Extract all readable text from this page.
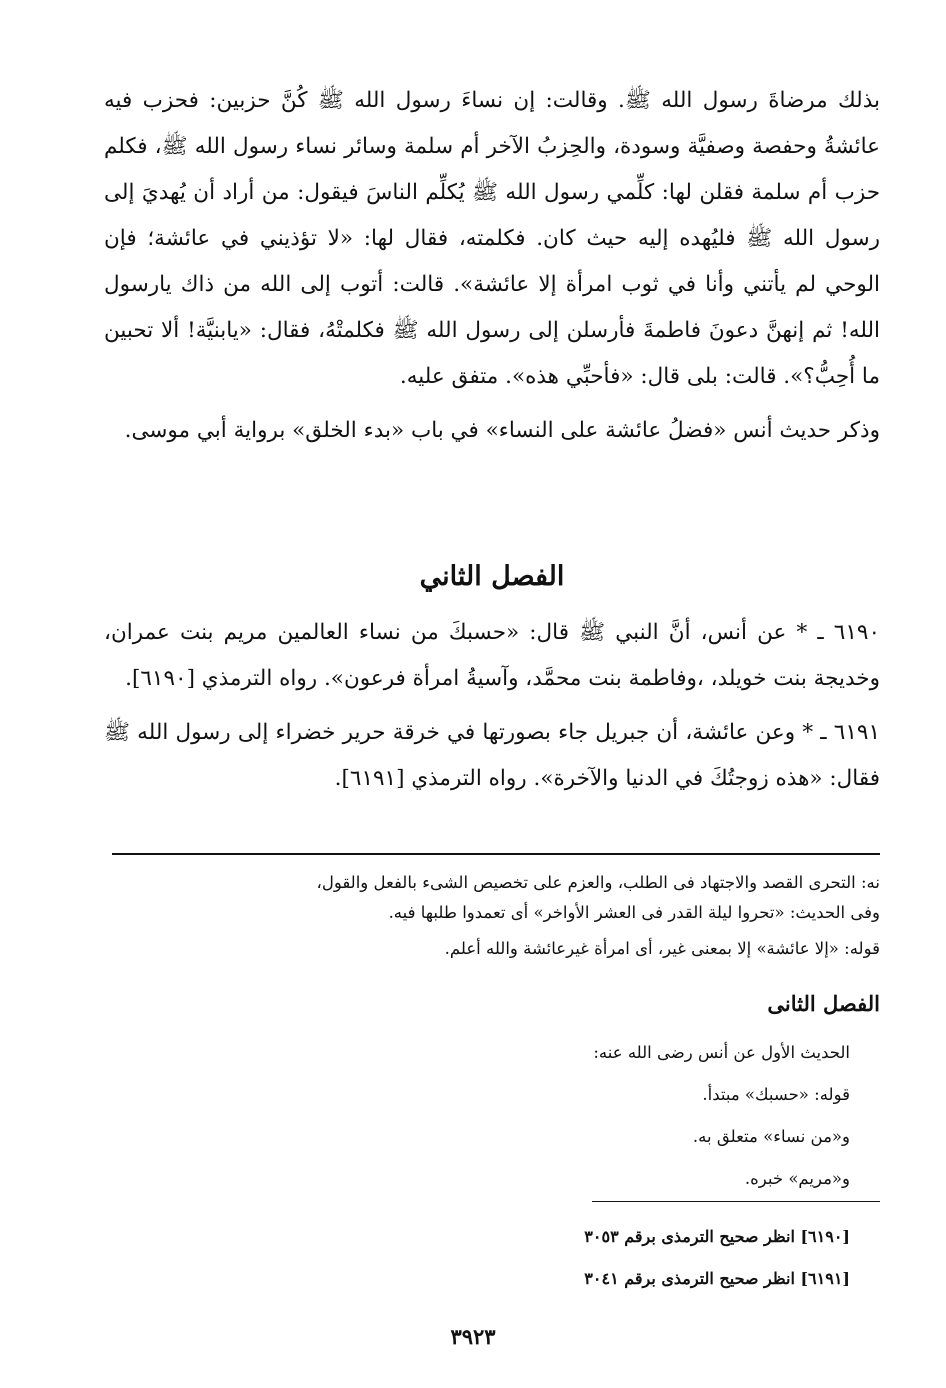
بذلك مرضاةَ رسول الله ﷺ. وقالت: إن نساءَ رسول الله ﷺ كُنَّ حزبين: فحزب فيه عائشةُ وحفصة وصفيَّة وسودة، والحِزبُ الآخر أم سلمة وسائر نساء رسول الله ﷺ، فكلم حزب أم سلمة فقلن لها: كلِّمي رسول الله ﷺ يُكلِّم الناسَ فيقول: من أراد أن يُهديَ إلى رسول الله ﷺ فليُهده إليه حيث كان. فكلمته، فقال لها: «لا تؤذيني في عائشة؛ فإن الوحي لم يأتني وأنا في ثوب امرأة إلا عائشة». قالت: أتوب إلى الله من ذاك يارسول الله! ثم إنهنَّ دعونَ فاطمةَ فأرسلن إلى رسول الله ﷺ فكلمتْهُ، فقال: «يابنيَّة! ألا تحبين ما أُحِبُّ؟». قالت: بلى قال: «فأحبِّي هذه». متفق عليه.

وذكر حديث أنس «فضلُ عائشة على النساء» في باب «بدء الخلق» برواية أبي موسى.

الفصل الثاني

٦١٩٠ ـ * عن أنس، أنَّ النبي ﷺ قال: «حسبكَ من نساء العالمين مريم بنت عمران، وخديجة بنت خويلد، ،وفاطمة بنت محمَّد، وآسيةُ امرأة فرعون». رواه الترمذي [٦١٩٠].

٦١٩١ ـ * وعن عائشة، أن جبريل جاء بصورتها في خرقة حرير خضراء إلى رسول الله ﷺ فقال: «هذه زوجتُكَ في الدنيا والآخرة». رواه الترمذي [٦١٩١].

نه: التحرى القصد والاجتهاد فى الطلب، والعزم على تخصيص الشىء بالفعل والقول،

وفى الحديث: «تحروا ليلة القدر فى العشر الأواخر» أى تعمدوا طلبها فيه.

قوله: «إلا عائشة» إلا بمعنى غير، أى امرأة غيرعائشة والله أعلم.

الفصل الثانى

الحديث الأول عن أنس رضى الله عنه:

قوله: «حسبك» مبتدأ.

و«من نساء» متعلق به.

و«مريم» خبره.

[٦١٩٠] انظر صحيح الترمذى برقم ٣٠٥٣

[٦١٩١] انظر صحيح الترمذى برقم ٣٠٤١

٣٩٢٣
